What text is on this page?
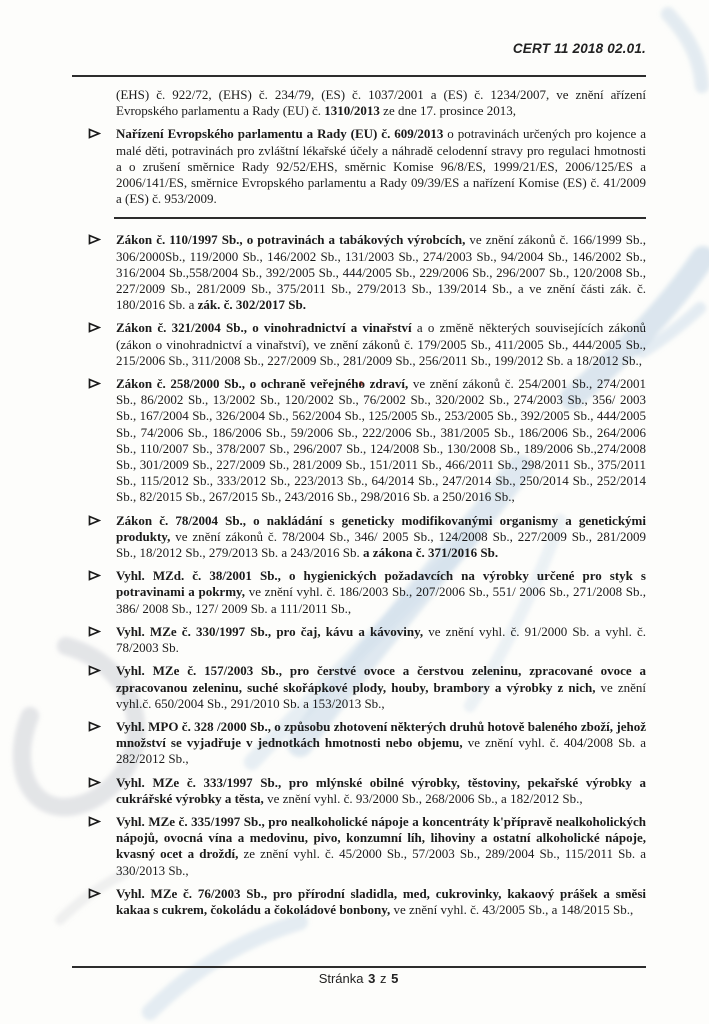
CERT 11 2018 02.01.
(EHS) č. 922/72, (EHS) č. 234/79, (ES) č. 1037/2001 a (ES) č. 1234/2007, ve znění ařízení Evropského parlamentu a Rady (EU) č. 1310/2013 ze dne 17. prosince 2013,
Nařízení Evropského parlamentu a Rady (EU) č. 609/2013 o potravinách určených pro kojence a malé děti, potravinách pro zvláštní lékařské účely a náhradě celodenní stravy pro regulaci hmotnosti a o zrušení směrnice Rady 92/52/EHS, směrnic Komise 96/8/ES, 1999/21/ES, 2006/125/ES a 2006/141/ES, směrnice Evropského parlamentu a Rady 09/39/ES a nařízení Komise (ES) č. 41/2009 a (ES) č. 953/2009.
Zákon č. 110/1997 Sb., o potravinách a tabákových výrobcích, ve znění zákonů č. 166/1999 Sb., 306/2000Sb., 119/2000 Sb., 146/2002 Sb., 131/2003 Sb., 274/2003 Sb., 94/2004 Sb., 146/2002 Sb., 316/2004 Sb.,558/2004 Sb., 392/2005 Sb., 444/2005 Sb., 229/2006 Sb., 296/2007 Sb., 120/2008 Sb., 227/2009 Sb., 281/2009 Sb., 375/2011 Sb., 279/2013 Sb., 139/2014 Sb., a ve znění části zák. č. 180/2016 Sb. a zák. č. 302/2017 Sb.
Zákon č. 321/2004 Sb., o vinohradnictví a vinařství a o změně některých souvisejících zákonů (zákon o vinohradnictví a vinařství), ve znění zákonů č. 179/2005 Sb., 411/2005 Sb., 444/2005 Sb., 215/2006 Sb., 311/2008 Sb., 227/2009 Sb., 281/2009 Sb., 256/2011 Sb., 199/2012 Sb. a 18/2012 Sb.,
Zákon č. 258/2000 Sb., o ochraně veřejného zdraví, ve znění zákonů č. 254/2001 Sb., 274/2001 Sb., 86/2002 Sb., 13/2002 Sb., 120/2002 Sb., 76/2002 Sb., 320/2002 Sb., 274/2003 Sb., 356/ 2003 Sb., 167/2004 Sb., 326/2004 Sb., 562/2004 Sb., 125/2005 Sb., 253/2005 Sb., 392/2005 Sb., 444/2005 Sb., 74/2006 Sb., 186/2006 Sb., 59/2006 Sb., 222/2006 Sb., 381/2005 Sb., 186/2006 Sb., 264/2006 Sb., 110/2007 Sb., 378/2007 Sb., 296/2007 Sb., 124/2008 Sb., 130/2008 Sb., 189/2006 Sb.,274/2008 Sb., 301/2009 Sb., 227/2009 Sb., 281/2009 Sb., 151/2011 Sb., 466/2011 Sb., 298/2011 Sb., 375/2011 Sb., 115/2012 Sb., 333/2012 Sb., 223/2013 Sb., 64/2014 Sb., 247/2014 Sb., 250/2014 Sb., 252/2014 Sb., 82/2015 Sb., 267/2015 Sb., 243/2016 Sb., 298/2016 Sb. a 250/2016 Sb.,
Zákon č. 78/2004 Sb., o nakládání s geneticky modifikovanými organismy a genetickými produkty, ve znění zákonů č. 78/2004 Sb., 346/ 2005 Sb., 124/2008 Sb., 227/2009 Sb., 281/2009 Sb., 18/2012 Sb., 279/2013 Sb. a 243/2016 Sb. a zákona č. 371/2016 Sb.
Vyhl. MZd. č. 38/2001 Sb., o hygienických požadavcích na výrobky určené pro styk s potravinami a pokrmy, ve znění vyhl. č. 186/2003 Sb., 207/2006 Sb., 551/ 2006 Sb., 271/2008 Sb., 386/ 2008 Sb., 127/ 2009 Sb. a 111/2011 Sb.,
Vyhl. MZe č. 330/1997 Sb., pro čaj, kávu a kávoviny, ve znění vyhl. č. 91/2000 Sb. a vyhl. č. 78/2003 Sb.
Vyhl. MZe č. 157/2003 Sb., pro čerstvé ovoce a čerstvou zeleninu, zpracované ovoce a zpracovanou zeleninu, suché skořápkové plody, houby, brambory a výrobky z nich, ve znění vyhl.č. 650/2004 Sb., 291/2010 Sb. a 153/2013 Sb.,
Vyhl. MPO č. 328 /2000 Sb., o způsobu zhotovení některých druhů hotově baleného zboží, jehož množství se vyjadřuje v jednotkách hmotnosti nebo objemu, ve znění vyhl. č. 404/2008 Sb. a 282/2012 Sb.,
Vyhl. MZe č. 333/1997 Sb., pro mlýnské obilné výrobky, těstoviny, pekařské výrobky a cukrářské výrobky a těsta, ve znění vyhl. č. 93/2000 Sb., 268/2006 Sb., a 182/2012 Sb.,
Vyhl. MZe č. 335/1997 Sb., pro nealkoholické nápoje a koncentráty k'přípravě nealkoholických nápojů, ovocná vína a medovinu, pivo, konzumní líh, lihoviny a ostatní alkoholické nápoje, kvasný ocet a droždí, ze znění vyhl. č. 45/2000 Sb., 57/2003 Sb., 289/2004 Sb., 115/2011 Sb. a 330/2013 Sb.,
Vyhl. MZe č. 76/2003 Sb., pro přírodní sladidla, med, cukrovinky, kakaový prášek a směsi kakaa s cukrem, čokoládu a čokoládové bonbony, ve znění vyhl. č. 43/2005 Sb., a 148/2015 Sb.,
Stránka 3 z 5
